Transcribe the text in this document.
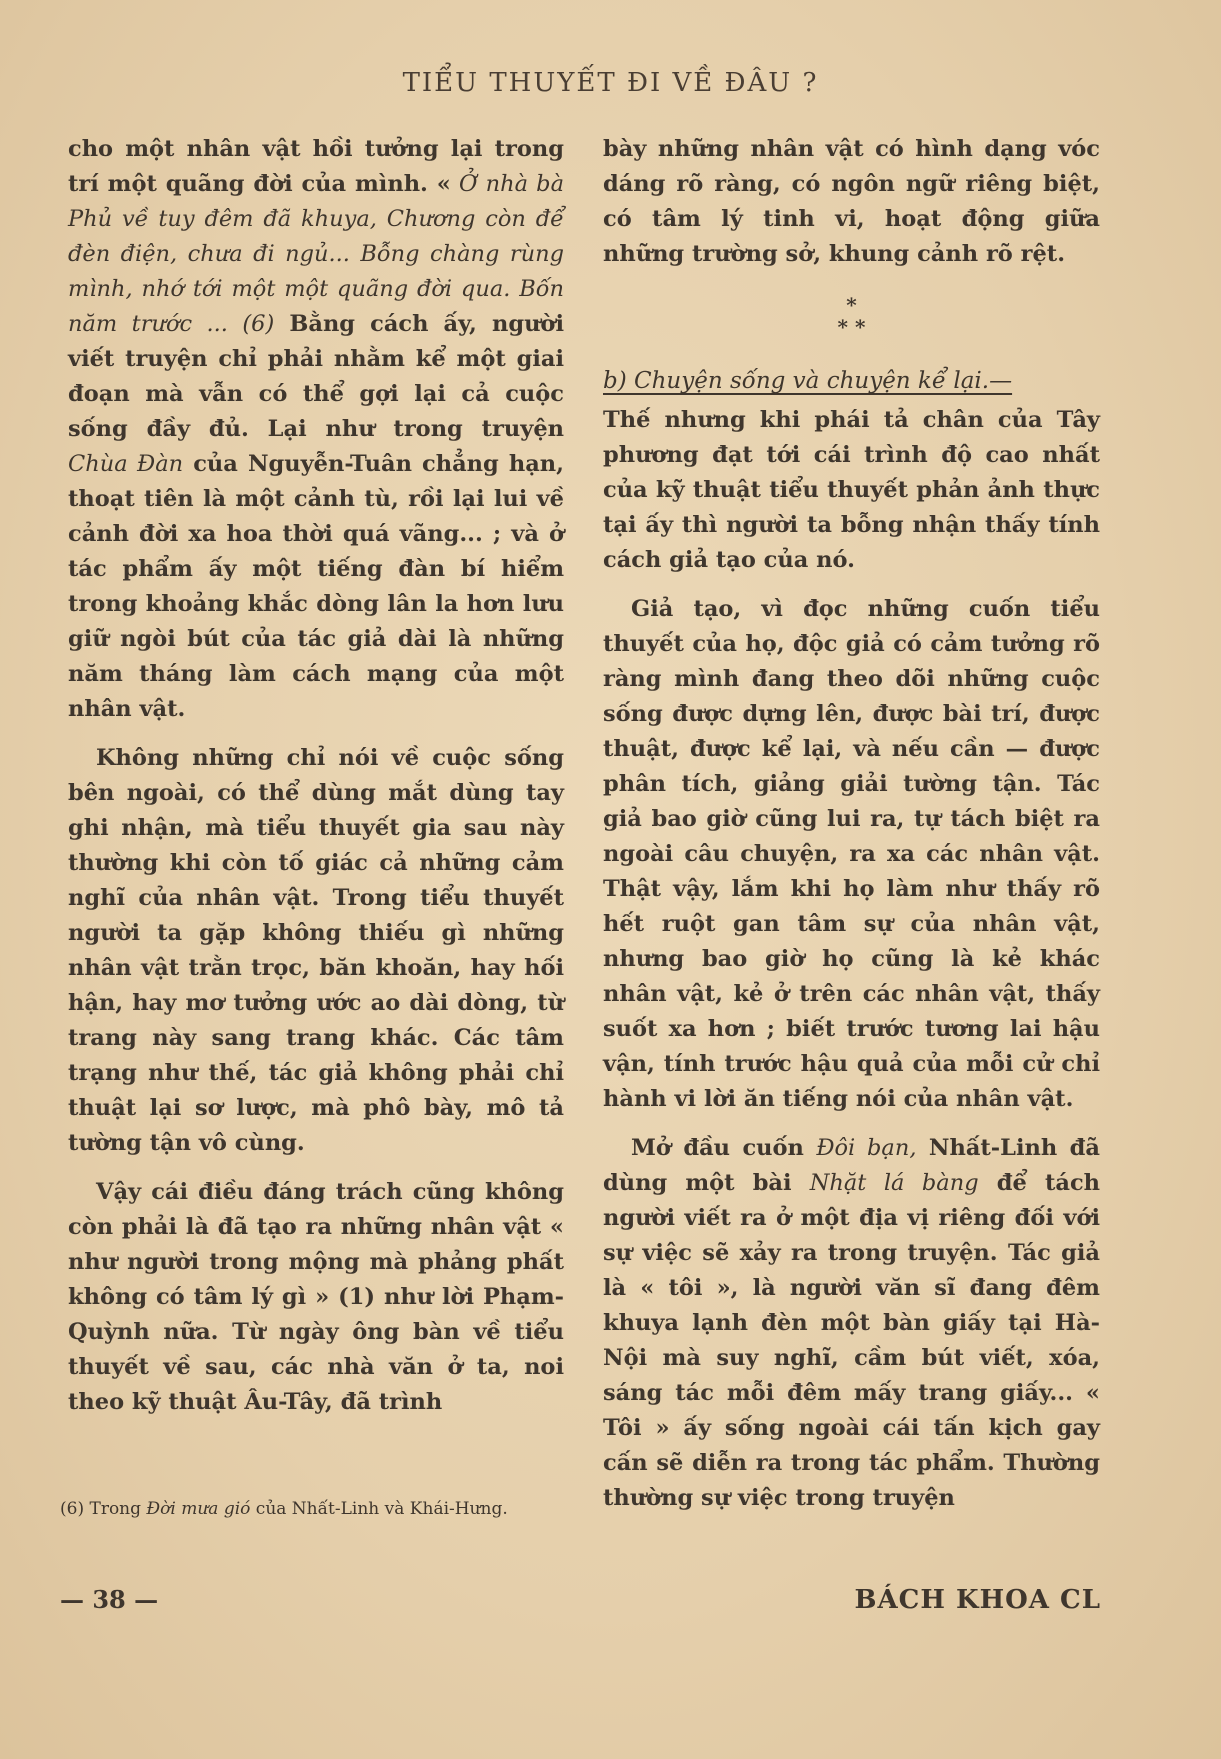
TIỂU THUYẾT ĐI VỀ ĐÂU ?

cho một nhân vật hồi tưởng lại trong trí một quãng đời của mình. « Ở nhà bà Phủ về tuy đêm đã khuya, Chương còn để đèn điện, chưa đi ngủ... Bỗng chàng rùng mình, nhớ tới một một quãng đời qua. Bốn năm trước ... (6) Bằng cách ấy, người viết truyện chỉ phải nhằm kể một giai đoạn mà vẫn có thể gợi lại cả cuộc sống đầy đủ. Lại như trong truyện Chùa Đàn của Nguyễn-Tuân chẳng hạn, thoạt tiên là một cảnh tù, rồi lại lui về cảnh đời xa hoa thời quá vãng... ; và ở tác phẩm ấy một tiếng đàn bí hiểm trong khoảng khắc dòng lân la hơn lưu giữ ngòi bút của tác giả dài là những năm tháng làm cách mạng của một nhân vật.

Không những chỉ nói về cuộc sống bên ngoài, có thể dùng mắt dùng tay ghi nhận, mà tiểu thuyết gia sau này thường khi còn tố giác cả những cảm nghĩ của nhân vật. Trong tiểu thuyết người ta gặp không thiếu gì những nhân vật trằn trọc, băn khoăn, hay hối hận, hay mơ tưởng ước ao dài dòng, từ trang này sang trang khác. Các tâm trạng như thế, tác giả không phải chỉ thuật lại sơ lược, mà phô bày, mô tả tường tận vô cùng.

Vậy cái điều đáng trách cũng không còn phải là đã tạo ra những nhân vật « như người trong mộng mà phảng phất không có tâm lý gì » (1) như lời Phạm-Quỳnh nữa. Từ ngày ông bàn về tiểu thuyết về sau, các nhà văn ở ta, noi theo kỹ thuật Âu-Tây, đã trình

(6) Trong Đời mưa gió của Nhất-Linh và Khái-Hưng.

bày những nhân vật có hình dạng vóc dáng rõ ràng, có ngôn ngữ riêng biệt, có tâm lý tinh vi, hoạt động giữa những trường sở, khung cảnh rõ rệt.

*
* *
b) Chuyện sống và chuyện kể lại.—

Thế nhưng khi phái tả chân của Tây phương đạt tới cái trình độ cao nhất của kỹ thuật tiểu thuyết phản ảnh thực tại ấy thì người ta bỗng nhận thấy tính cách giả tạo của nó.

Giả tạo, vì đọc những cuốn tiểu thuyết của họ, độc giả có cảm tưởng rõ ràng mình đang theo dõi những cuộc sống được dựng lên, được bài trí, được thuật, được kể lại, và nếu cần — được phân tích, giảng giải tường tận. Tác giả bao giờ cũng lui ra, tự tách biệt ra ngoài câu chuyện, ra xa các nhân vật. Thật vậy, lắm khi họ làm như thấy rõ hết ruột gan tâm sự của nhân vật, nhưng bao giờ họ cũng là kẻ khác nhân vật, kẻ ở trên các nhân vật, thấy suốt xa hơn ; biết trước tương lai hậu vận, tính trước hậu quả của mỗi cử chỉ hành vi lời ăn tiếng nói của nhân vật.

Mở đầu cuốn Đôi bạn, Nhất-Linh đã dùng một bài Nhặt lá bàng để tách người viết ra ở một địa vị riêng đối với sự việc sẽ xảy ra trong truyện. Tác giả là « tôi », là người văn sĩ đang đêm khuya lạnh đèn một bàn giấy tại Hà-Nội mà suy nghĩ, cầm bút viết, xóa, sáng tác mỗi đêm mấy trang giấy... « Tôi » ấy sống ngoài cái tấn kịch gay cấn sẽ diễn ra trong tác phẩm. Thường thường sự việc trong truyện

— 38 —	BÁCH KHOA CL
